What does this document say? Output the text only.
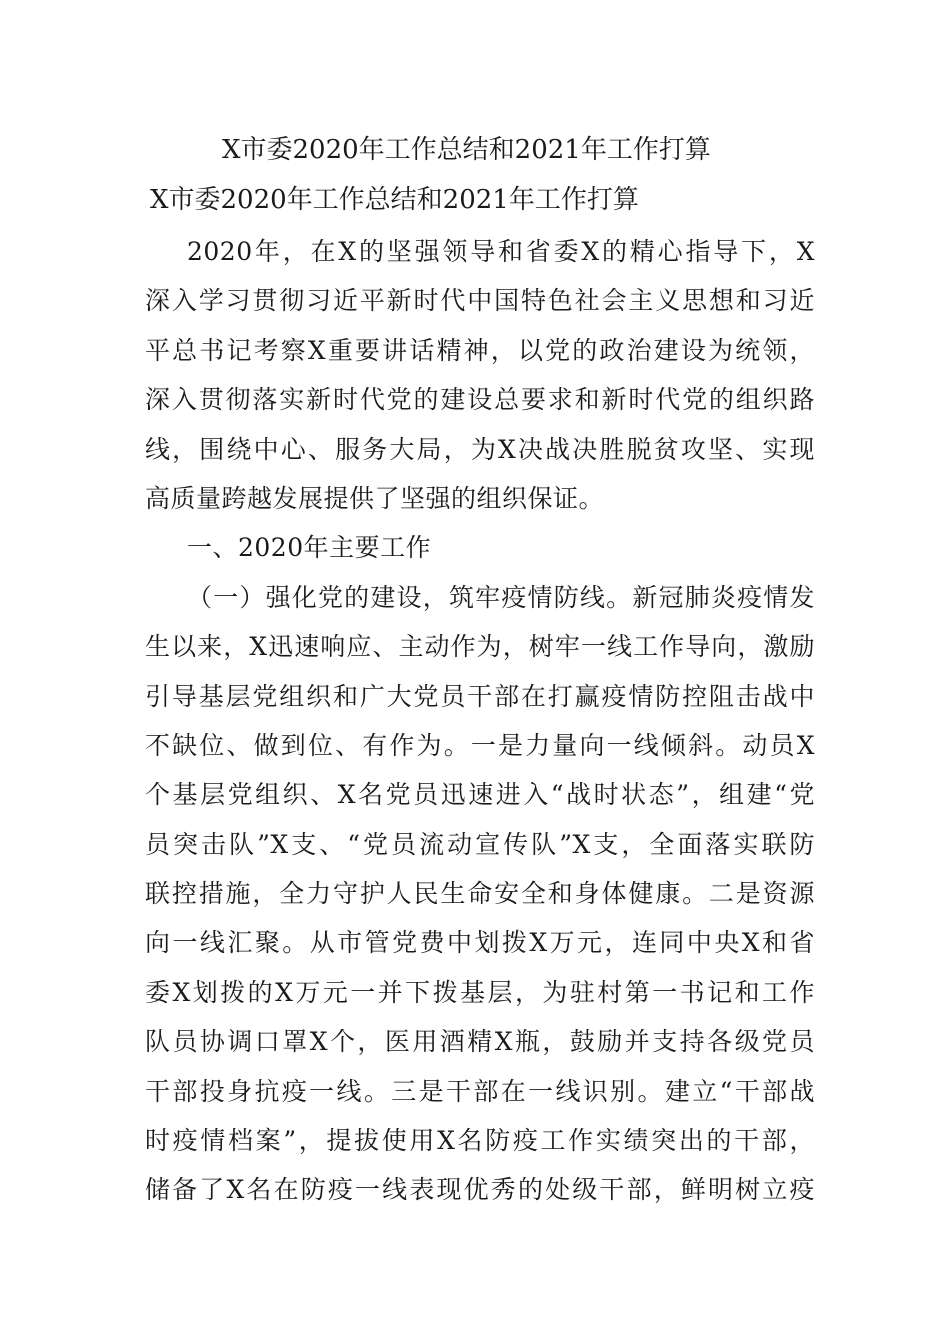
X市委2020年工作总结和2021年工作打算
X市委2020年工作总结和2021年工作打算
2020年，在X的坚强领导和省委X的精心指导下，X
深入学习贯彻习近平新时代中国特色社会主义思想和习近
平总书记考察X重要讲话精神，以党的政治建设为统领，
深入贯彻落实新时代党的建设总要求和新时代党的组织路
线，围绕中心、服务大局，为X决战决胜脱贫攻坚、实现
高质量跨越发展提供了坚强的组织保证。
一、2020年主要工作
（一）强化党的建设，筑牢疫情防线。新冠肺炎疫情发
生以来，X迅速响应、主动作为，树牢一线工作导向，激励
引导基层党组织和广大党员干部在打赢疫情防控阻击战中
不缺位、做到位、有作为。一是力量向一线倾斜。动员X
个基层党组织、X名党员迅速进入“战时状态”，组建“党
员突击队”X支、“党员流动宣传队”X支，全面落实联防
联控措施，全力守护人民生命安全和身体健康。二是资源
向一线汇聚。从市管党费中划拨X万元，连同中央X和省
委X划拨的X万元一并下拨基层，为驻村第一书记和工作
队员协调口罩X个，医用酒精X瓶，鼓励并支持各级党员
干部投身抗疫一线。三是干部在一线识别。建立“干部战
时疫情档案”，提拔使用X名防疫工作实绩突出的干部，
储备了X名在防疫一线表现优秀的处级干部，鲜明树立疫
